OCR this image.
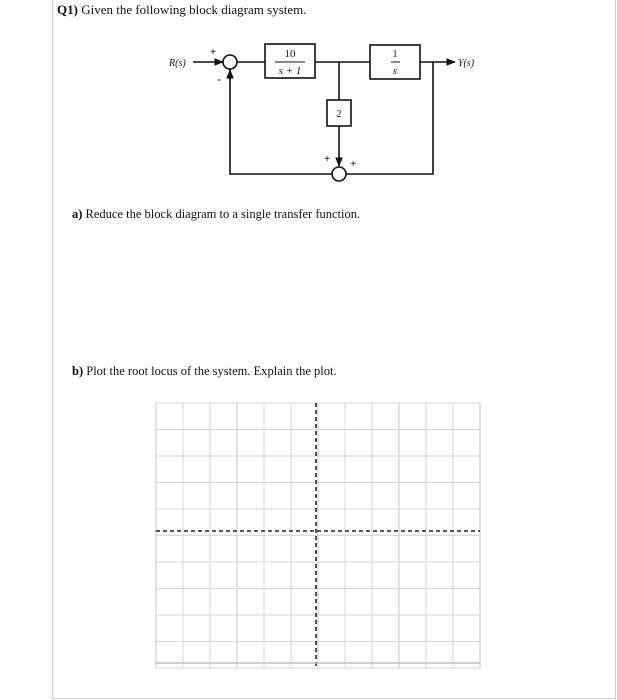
Q1) Given the following block diagram system.
R(s)	Y(s)
10
s + 1
1
s
2
+
-
+ +
a) Reduce the block diagram to a single transfer function.
b) Plot the root locus of the system. Explain the plot.
